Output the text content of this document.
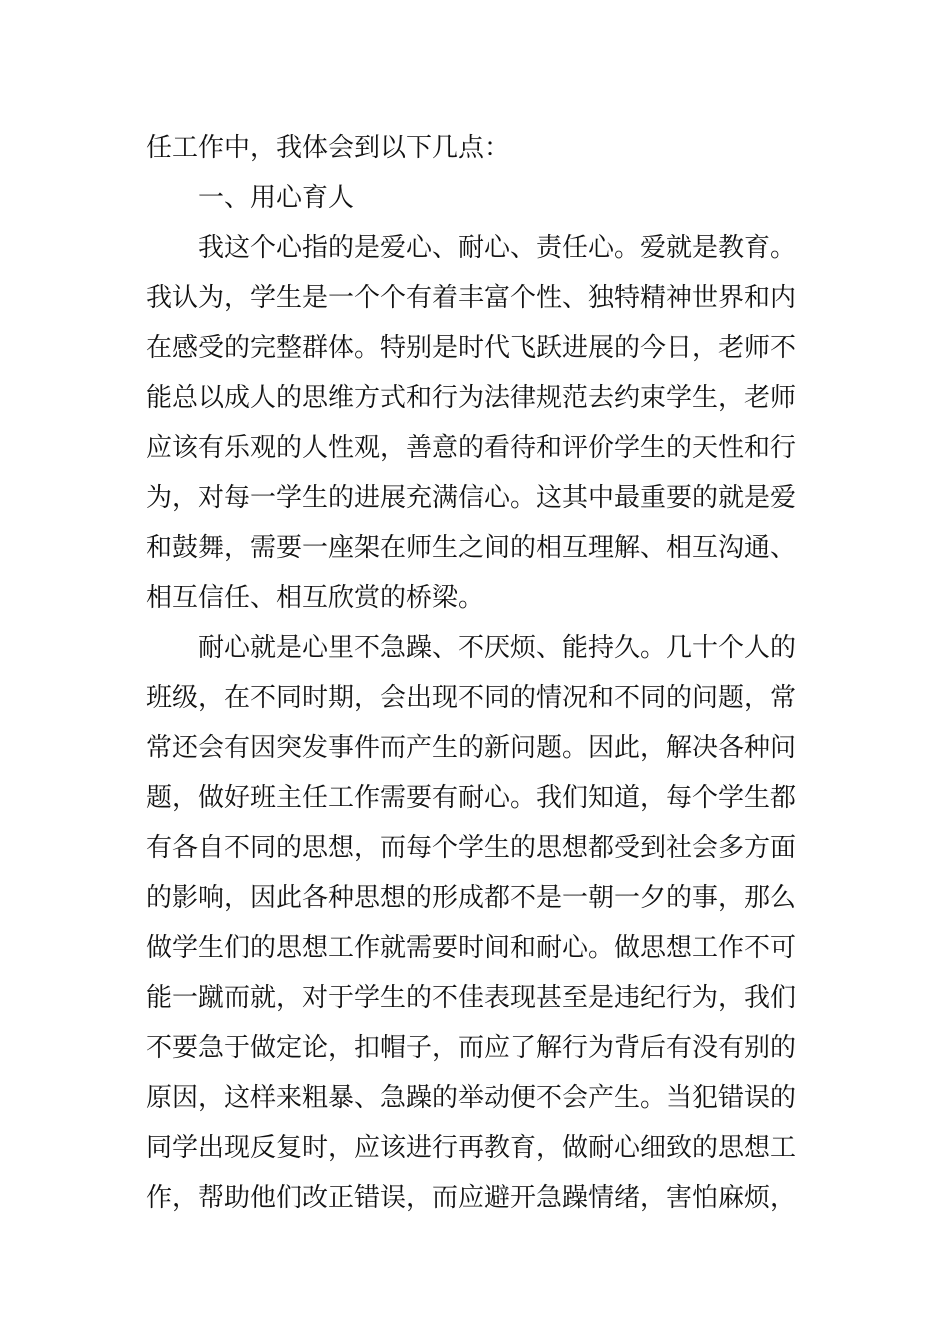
任工作中，我体会到以下几点：
一、用心育人
我这个心指的是爱心、耐心、责任心。爱就是教育。
我认为，学生是一个个有着丰富个性、独特精神世界和内
在感受的完整群体。特别是时代飞跃进展的今日，老师不
能总以成人的思维方式和行为法律规范去约束学生，老师
应该有乐观的人性观，善意的看待和评价学生的天性和行
为，对每一学生的进展充满信心。这其中最重要的就是爱
和鼓舞，需要一座架在师生之间的相互理解、相互沟通、
相互信任、相互欣赏的桥梁。
耐心就是心里不急躁、不厌烦、能持久。几十个人的
班级，在不同时期，会出现不同的情况和不同的问题，常
常还会有因突发事件而产生的新问题。因此，解决各种问
题，做好班主任工作需要有耐心。我们知道，每个学生都
有各自不同的思想，而每个学生的思想都受到社会多方面
的影响，因此各种思想的形成都不是一朝一夕的事，那么
做学生们的思想工作就需要时间和耐心。做思想工作不可
能一蹴而就，对于学生的不佳表现甚至是违纪行为，我们
不要急于做定论，扣帽子，而应了解行为背后有没有别的
原因，这样来粗暴、急躁的举动便不会产生。当犯错误的
同学出现反复时，应该进行再教育，做耐心细致的思想工
作，帮助他们改正错误，而应避开急躁情绪，害怕麻烦，
